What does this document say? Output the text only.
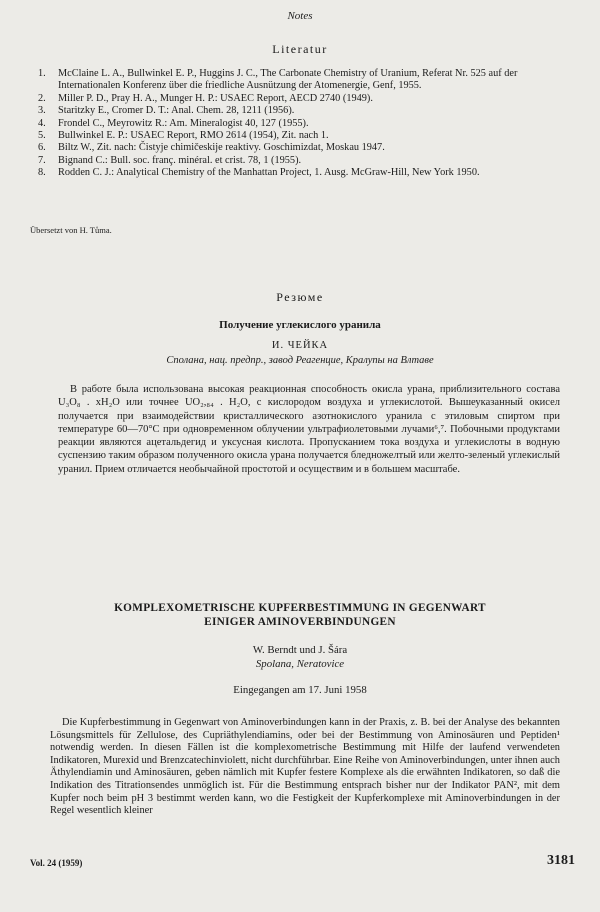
Notes
Literatur
1. McClaine L. A., Bullwinkel E. P., Huggins J. C., The Carbonate Chemistry of Uranium, Referat Nr. 525 auf der Internationalen Konferenz über die friedliche Ausnützung der Atomenergie, Genf, 1955.
2. Miller P. D., Pray H. A., Munger H. P.: USAEC Report, AECD 2740 (1949).
3. Staritzky E., Cromer D. T.: Anal. Chem. 28, 1211 (1956).
4. Frondel C., Meyrowitz R.: Am. Mineralogist 40, 127 (1955).
5. Bullwinkel E. P.: USAEC Report, RMO 2614 (1954), Zit. nach 1.
6. Biltz W., Zit. nach: Čistyje chimičeskije reaktivy. Goschimizdat, Moskau 1947.
7. Bignand C.: Bull. soc. franç. minéral. et crist. 78, 1 (1955).
8. Rodden C. J.: Analytical Chemistry of the Manhattan Project, 1. Ausg. McGraw-Hill, New York 1950.
Übersetzt von H. Tůma.
Резюме
Получение углекислого уранила
И. ЧЕЙКА
Сполана, нац. предпр., завод Реагенцие, Кралупы на Влтаве

В работе была использована высокая реакционная способность окисла урана, приблизительного состава U₃O₈ . xH₂O или точнее UO₂,₈₄ . H₂O, с кислородом воздуха и углекислотой. Вышеуказанный окисел получается при взаимодействии кристаллического азотнокислого уранила с этиловым спиртом при температуре 60—70°C при одновременном облучении ультрафиолетовыми лучами⁶,⁷. Побочными продуктами реакции являются ацетальдегид и уксусная кислота. Пропусканием тока воздуха и углекислоты в водную суспензию таким образом полученного окисла урана получается бледножелтый или желто-зеленый углекислый уранил. Прием отличается необычайной простотой и осуществим и в большем масштабе.

KOMPLEXOMETRISCHE KUPFERBESTIMMUNG IN GEGENWART
EINIGER AMINOVERBINDUNGEN
W. Berndt und J. Šára
Spolana, Neratovice
Eingegangen am 17. Juni 1958

Die Kupferbestimmung in Gegenwart von Aminoverbindungen kann in der Praxis, z. B. bei der Analyse des bekannten Lösungsmittels für Zellulose, des Cupriäthylendiamins, oder bei der Bestimmung von Aminosäuren und Peptiden¹ notwendig werden. In diesen Fällen ist die komplexometrische Bestimmung mit Hilfe der laufend verwendeten Indikatoren, Murexid und Brenzcatechinviolett, nicht durchführbar. Eine Reihe von Aminoverbindungen, unter ihnen auch Äthylendiamin und Aminosäuren, geben nämlich mit Kupfer festere Komplexe als die erwähnten Indikatoren, so daß die Indikation des Titrationsendes unmöglich ist. Für die Bestimmung entsprach bisher nur der Indikator PAN², mit dem Kupfer noch beim pH 3 bestimmt werden kann, wo die Festigkeit der Kupferkomplexe mit Aminoverbindungen in der Regel wesentlich kleiner

Vol. 24 (1959)	3181
